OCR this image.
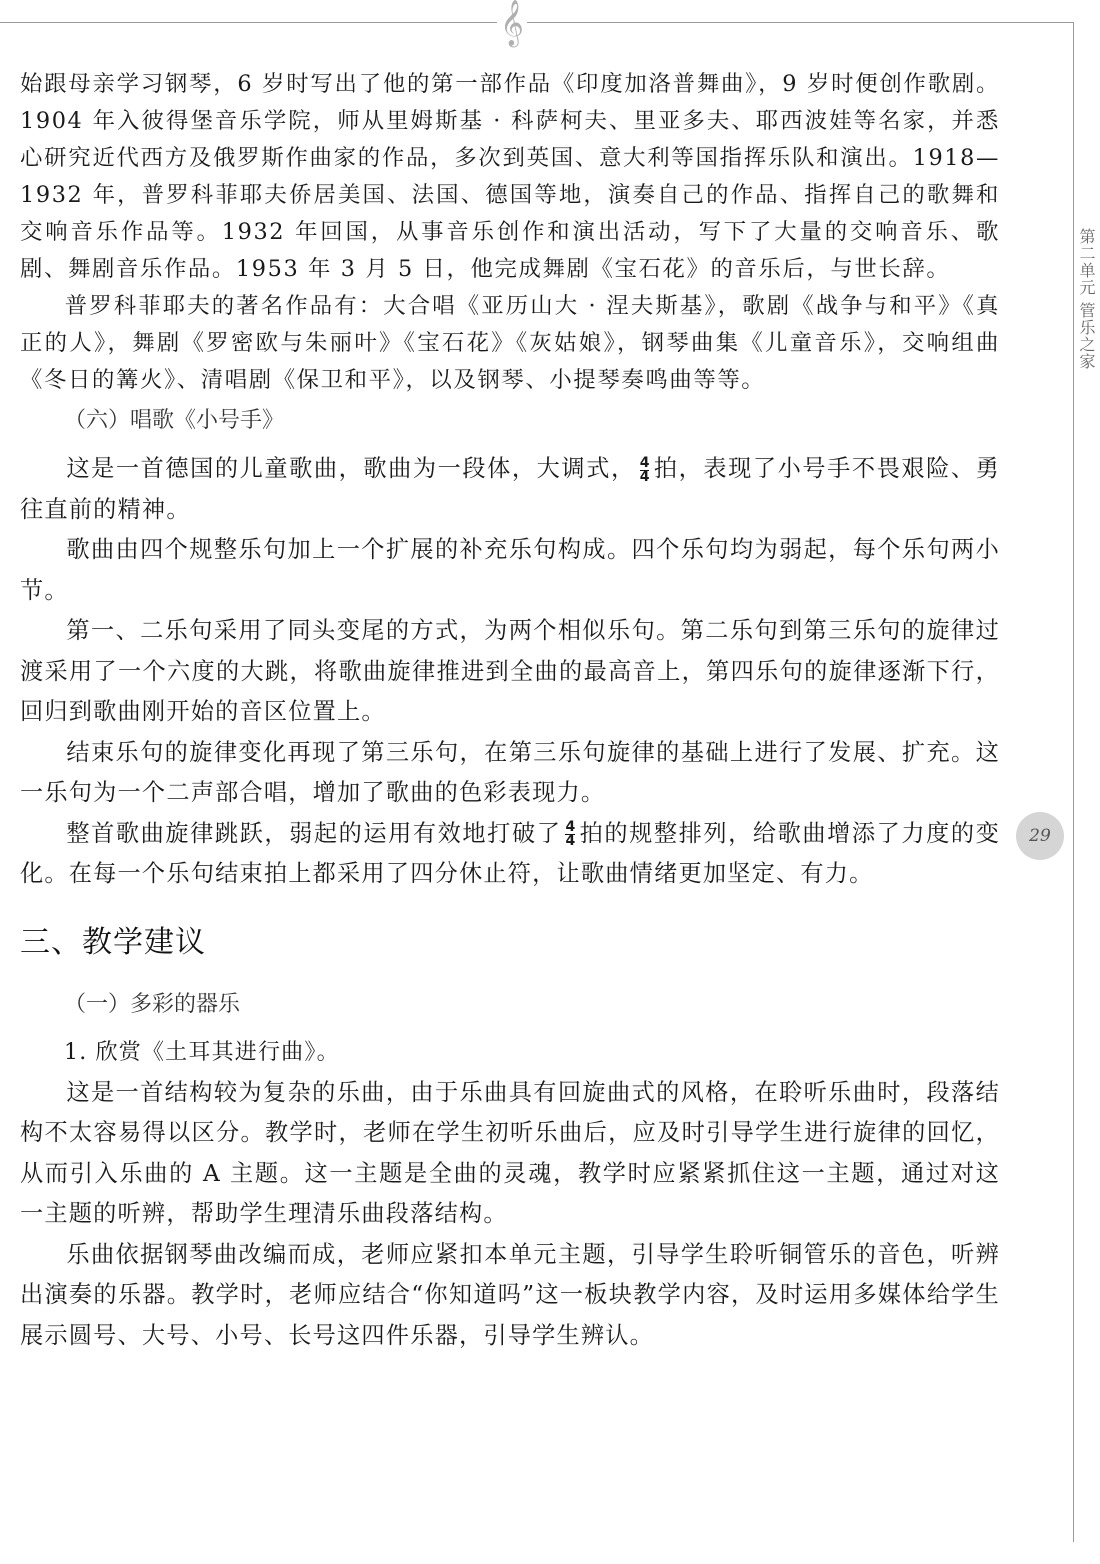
𝄞
第二单元 管乐之家
29

始跟母亲学习钢琴，6 岁时写出了他的第一部作品《印度加洛普舞曲》，9 岁时便创作歌剧。1904 年入彼得堡音乐学院，师从里姆斯基 · 科萨柯夫、里亚多夫、耶西波娃等名家，并悉心研究近代西方及俄罗斯作曲家的作品，多次到英国、意大利等国指挥乐队和演出。1918—1932 年，普罗科菲耶夫侨居美国、法国、德国等地，演奏自己的作品、指挥自己的歌舞和交响音乐作品等。1932 年回国，从事音乐创作和演出活动，写下了大量的交响音乐、歌剧、舞剧音乐作品。1953 年 3 月 5 日，他完成舞剧《宝石花》的音乐后，与世长辞。

普罗科菲耶夫的著名作品有：大合唱《亚历山大 · 涅夫斯基》，歌剧《战争与和平》《真正的人》，舞剧《罗密欧与朱丽叶》《宝石花》《灰姑娘》，钢琴曲集《儿童音乐》，交响组曲《冬日的篝火》、清唱剧《保卫和平》，以及钢琴、小提琴奏鸣曲等等。

（六）唱歌《小号手》

这是一首德国的儿童歌曲，歌曲为一段体，大调式， $\frac{4}{4}$ 拍，表现了小号手不畏艰险、勇往直前的精神。

歌曲由四个规整乐句加上一个扩展的补充乐句构成。四个乐句均为弱起，每个乐句两小节。

第一、二乐句采用了同头变尾的方式，为两个相似乐句。第二乐句到第三乐句的旋律过渡采用了一个六度的大跳，将歌曲旋律推进到全曲的最高音上，第四乐句的旋律逐渐下行，回归到歌曲刚开始的音区位置上。

结束乐句的旋律变化再现了第三乐句，在第三乐句旋律的基础上进行了发展、扩充。这一乐句为一个二声部合唱，增加了歌曲的色彩表现力。

整首歌曲旋律跳跃，弱起的运用有效地打破了 $\frac{4}{4}$ 拍的规整排列，给歌曲增添了力度的变化。在每一个乐句结束拍上都采用了四分休止符，让歌曲情绪更加坚定、有力。

三、教学建议
（一）多彩的器乐

1. 欣赏《土耳其进行曲》。

这是一首结构较为复杂的乐曲，由于乐曲具有回旋曲式的风格，在聆听乐曲时，段落结构不太容易得以区分。教学时，老师在学生初听乐曲后，应及时引导学生进行旋律的回忆，从而引入乐曲的 A 主题。这一主题是全曲的灵魂，教学时应紧紧抓住这一主题，通过对这一主题的听辨，帮助学生理清乐曲段落结构。

乐曲依据钢琴曲改编而成，老师应紧扣本单元主题，引导学生聆听铜管乐的音色，听辨出演奏的乐器。教学时，老师应结合“你知道吗”这一板块教学内容，及时运用多媒体给学生展示圆号、大号、小号、长号这四件乐器，引导学生辨认。
